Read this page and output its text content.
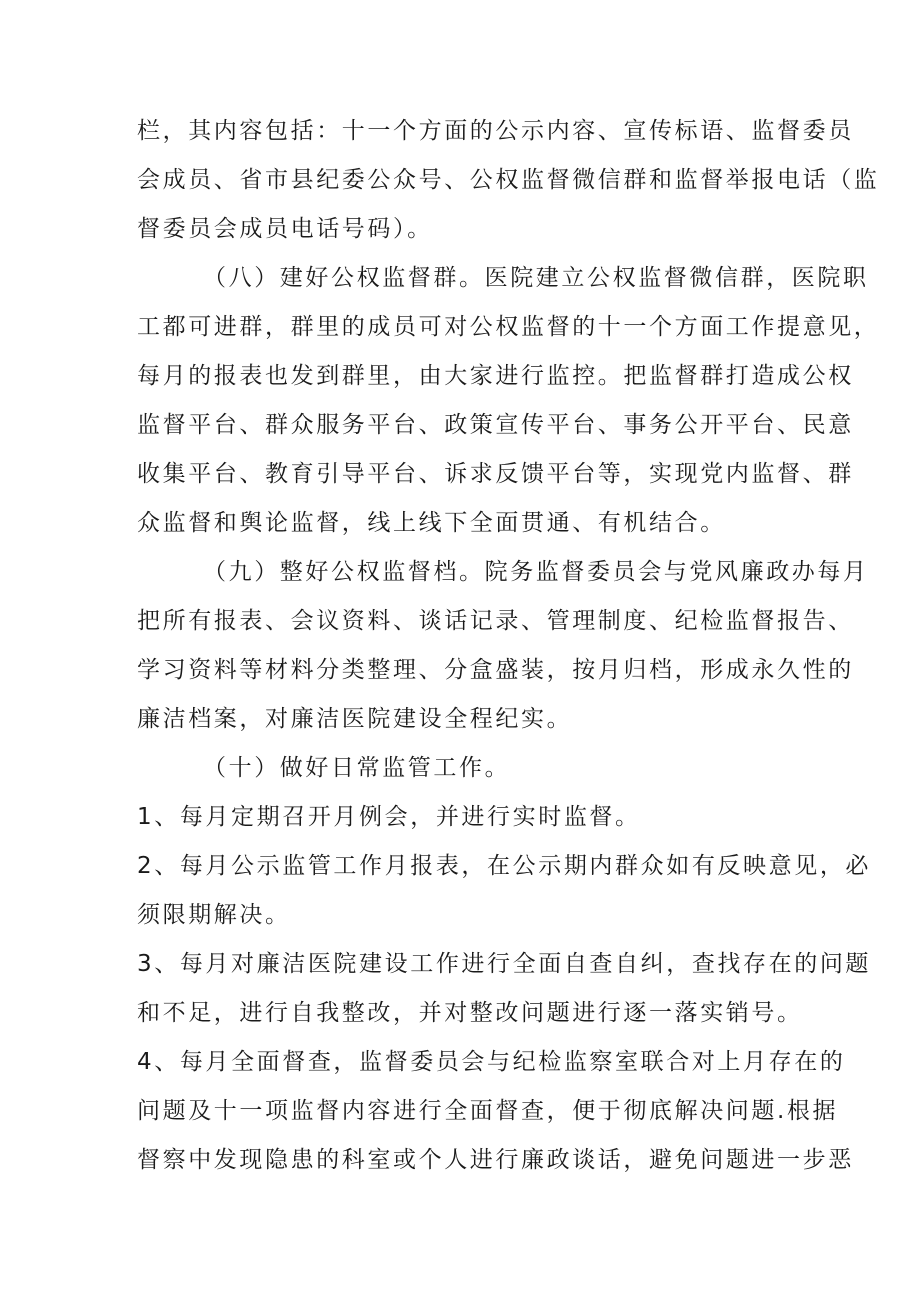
栏，其内容包括：十一个方面的公示内容、宣传标语、监督委员
会成员、省市县纪委公众号、公权监督微信群和监督举报电话（监
督委员会成员电话号码）。
（八）建好公权监督群。医院建立公权监督微信群，医院职
工都可进群，群里的成员可对公权监督的十一个方面工作提意见，
每月的报表也发到群里，由大家进行监控。把监督群打造成公权
监督平台、群众服务平台、政策宣传平台、事务公开平台、民意
收集平台、教育引导平台、诉求反馈平台等，实现党内监督、群
众监督和舆论监督，线上线下全面贯通、有机结合。
（九）整好公权监督档。院务监督委员会与党风廉政办每月
把所有报表、会议资料、谈话记录、管理制度、纪检监督报告、
学习资料等材料分类整理、分盒盛装，按月归档，形成永久性的
廉洁档案，对廉洁医院建设全程纪实。
（十）做好日常监管工作。
1、每月定期召开月例会，并进行实时监督。
2、每月公示监管工作月报表，在公示期内群众如有反映意见，必
须限期解决。
3、每月对廉洁医院建设工作进行全面自查自纠，查找存在的问题
和不足，进行自我整改，并对整改问题进行逐一落实销号。
4、每月全面督查，监督委员会与纪检监察室联合对上月存在的
问题及十一项监督内容进行全面督查，便于彻底解决问题.根据
督察中发现隐患的科室或个人进行廉政谈话，避免问题进一步恶
